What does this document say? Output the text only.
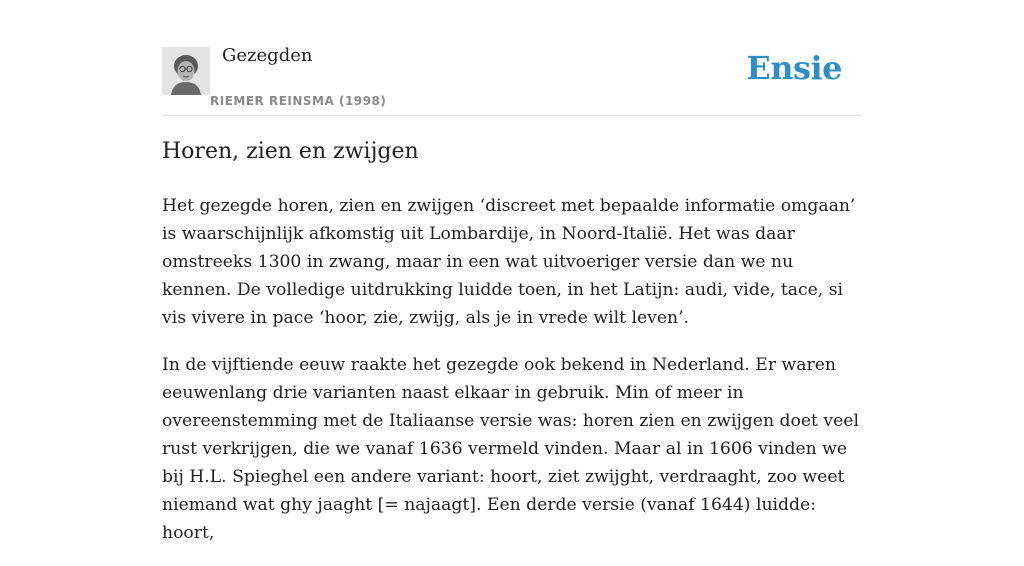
Gezegden
RIEMER REINSMA (1998)
Ensie
Horen, zien en zwijgen

Het gezegde horen, zien en zwijgen ‘discreet met bepaalde informatie omgaan’ is waarschijnlijk afkomstig uit Lombardije, in Noord-Italië. Het was daar omstreeks 1300 in zwang, maar in een wat uitvoeriger versie dan we nu kennen. De volledige uitdrukking luidde toen, in het Latijn: audi, vide, tace, si vis vivere in pace ‘hoor, zie, zwijg, als je in vrede wilt leven’.

In de vijftiende eeuw raakte het gezegde ook bekend in Nederland. Er waren eeuwenlang drie varianten naast elkaar in gebruik. Min of meer in overeenstemming met de Italiaanse versie was: horen zien en zwijgen doet veel rust verkrijgen, die we vanaf 1636 vermeld vinden. Maar al in 1606 vinden we bij H.L. Spieghel een andere variant: hoort, ziet zwijght, verdraaght, zoo weet niemand wat ghy jaaght [= najaagt]. Een derde versie (vanaf 1644) luidde: hoort,
